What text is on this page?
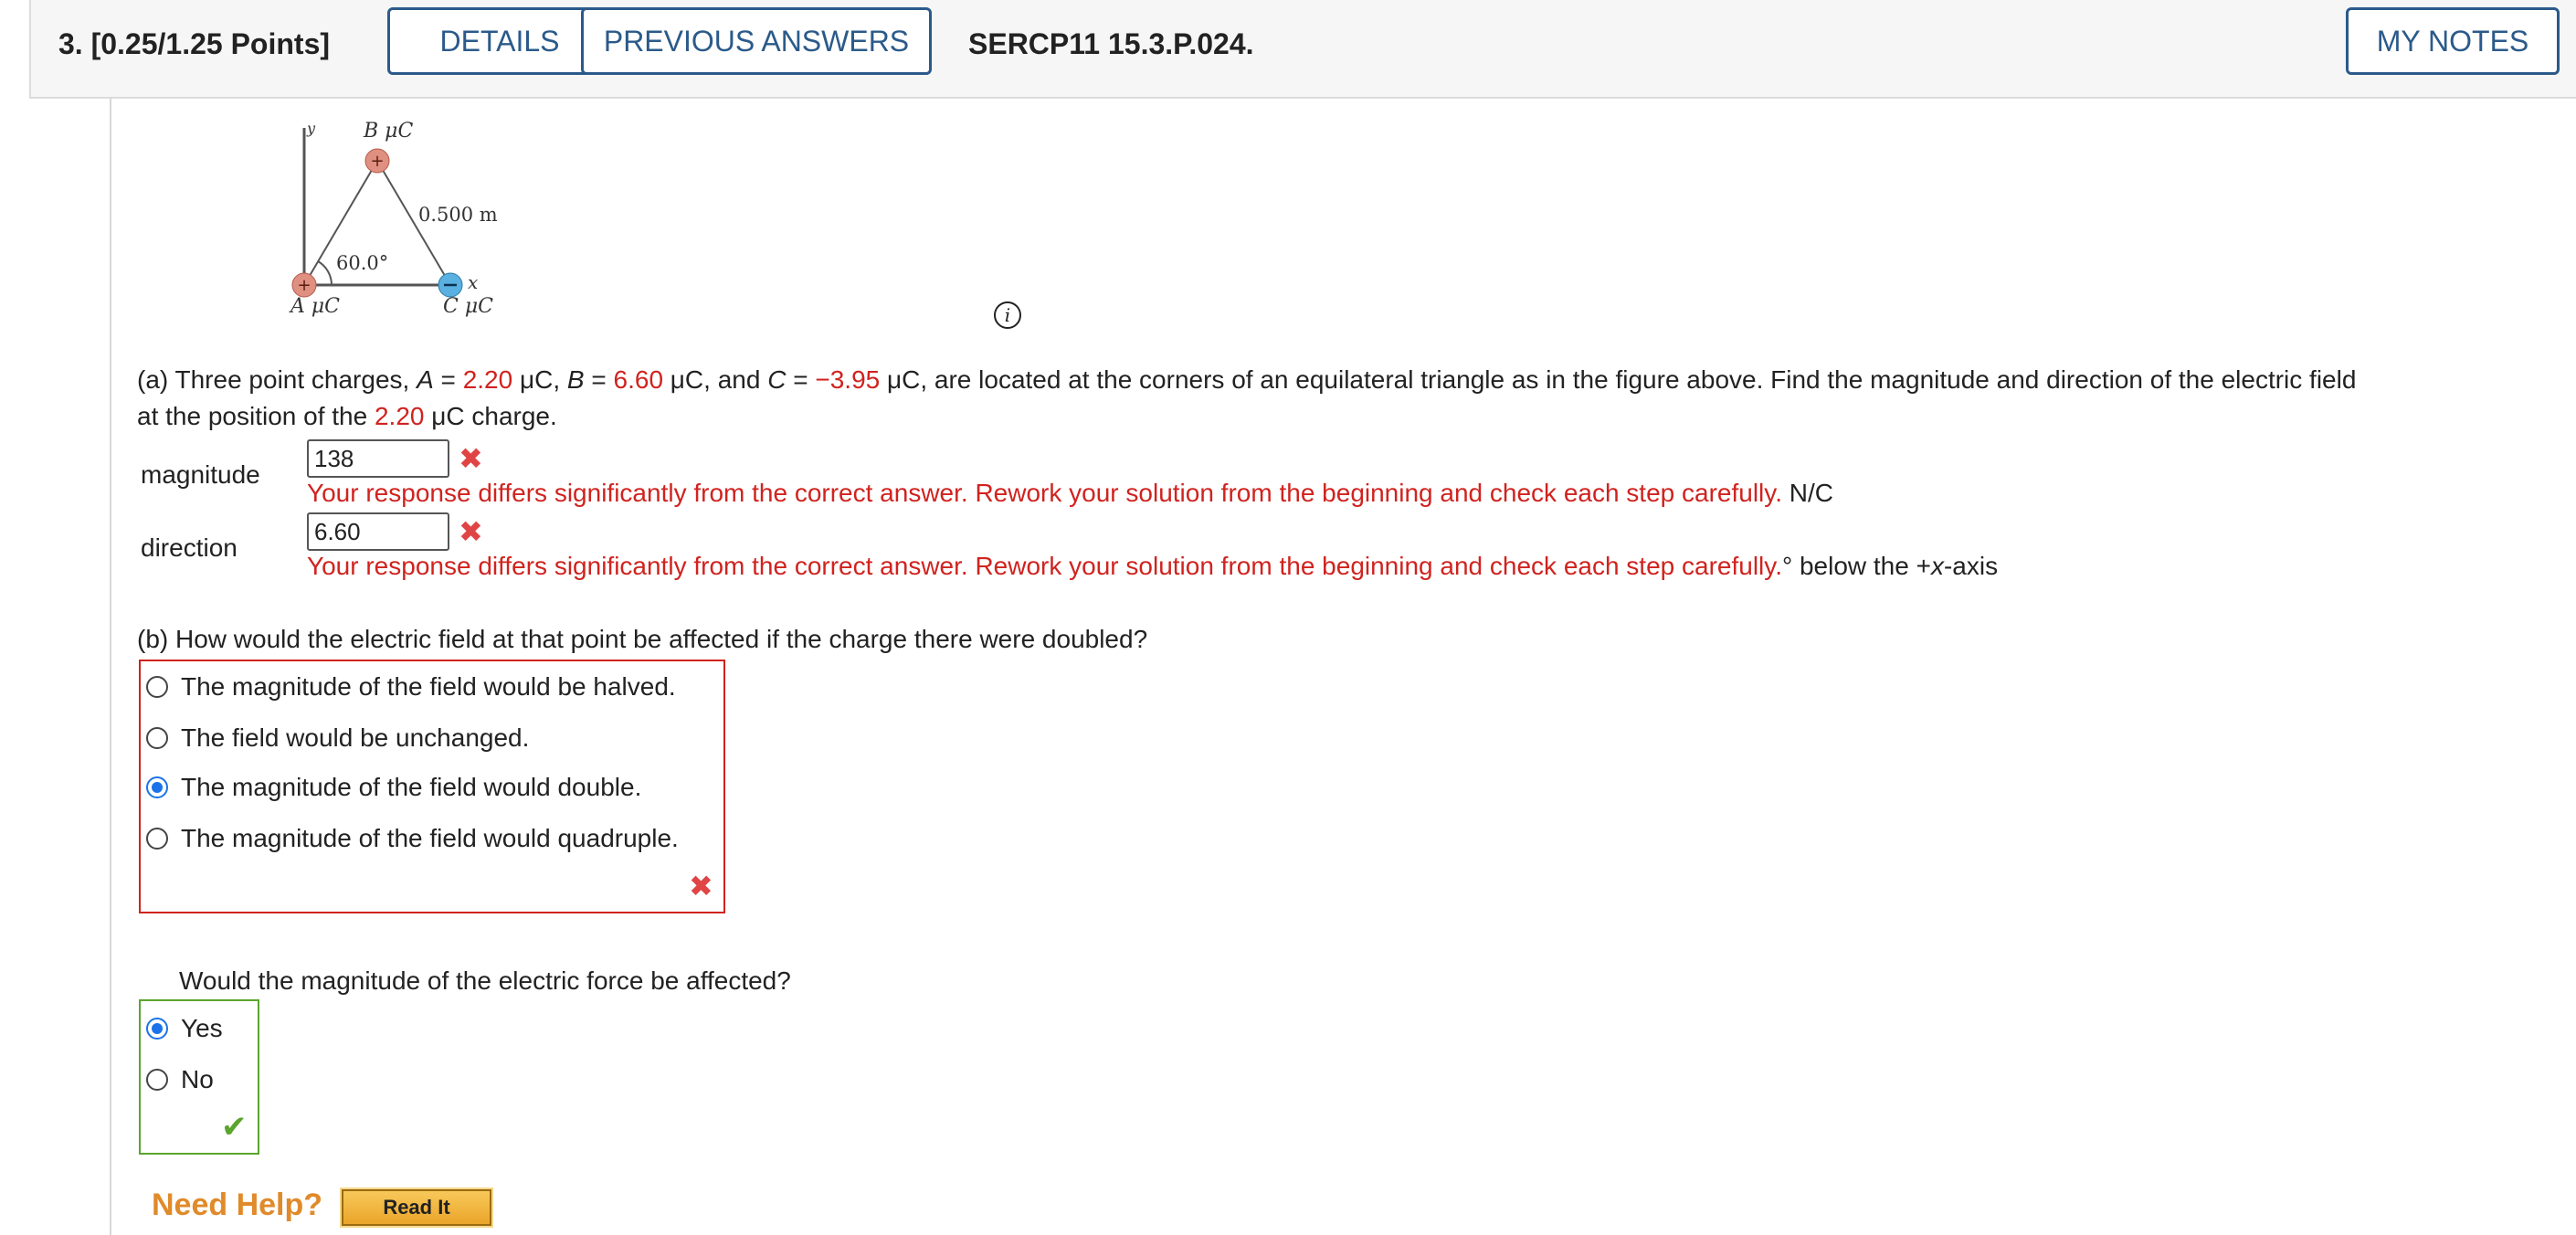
3. [0.25/1.25 Points]	DETAILS	PREVIOUS ANSWERS	SERCP11 15.3.P.024.	MY NOTES
+
+
y
x
B μC
A μC	C μC
0.500 m
60.0°
i
(a) Three point charges, A = 2.20 μC, B = 6.60 μC, and C = −3.95 μC, are located at the corners of an equilateral triangle as in the figure above. Find the magnitude and direction of the electric field
at the position of the 2.20 μC charge.
magnitude
138	✖
Your response differs significantly from the correct answer. Rework your solution from the beginning and check each step carefully. N/C
direction
6.60	✖
Your response differs significantly from the correct answer. Rework your solution from the beginning and check each step carefully.° below the +x-axis
(b) How would the electric field at that point be affected if the charge there were doubled?
The magnitude of the field would be halved.
The field would be unchanged.
The magnitude of the field would double.
The magnitude of the field would quadruple.
✖
Would the magnitude of the electric force be affected?
Yes
No
✔
Need Help?	Read It
